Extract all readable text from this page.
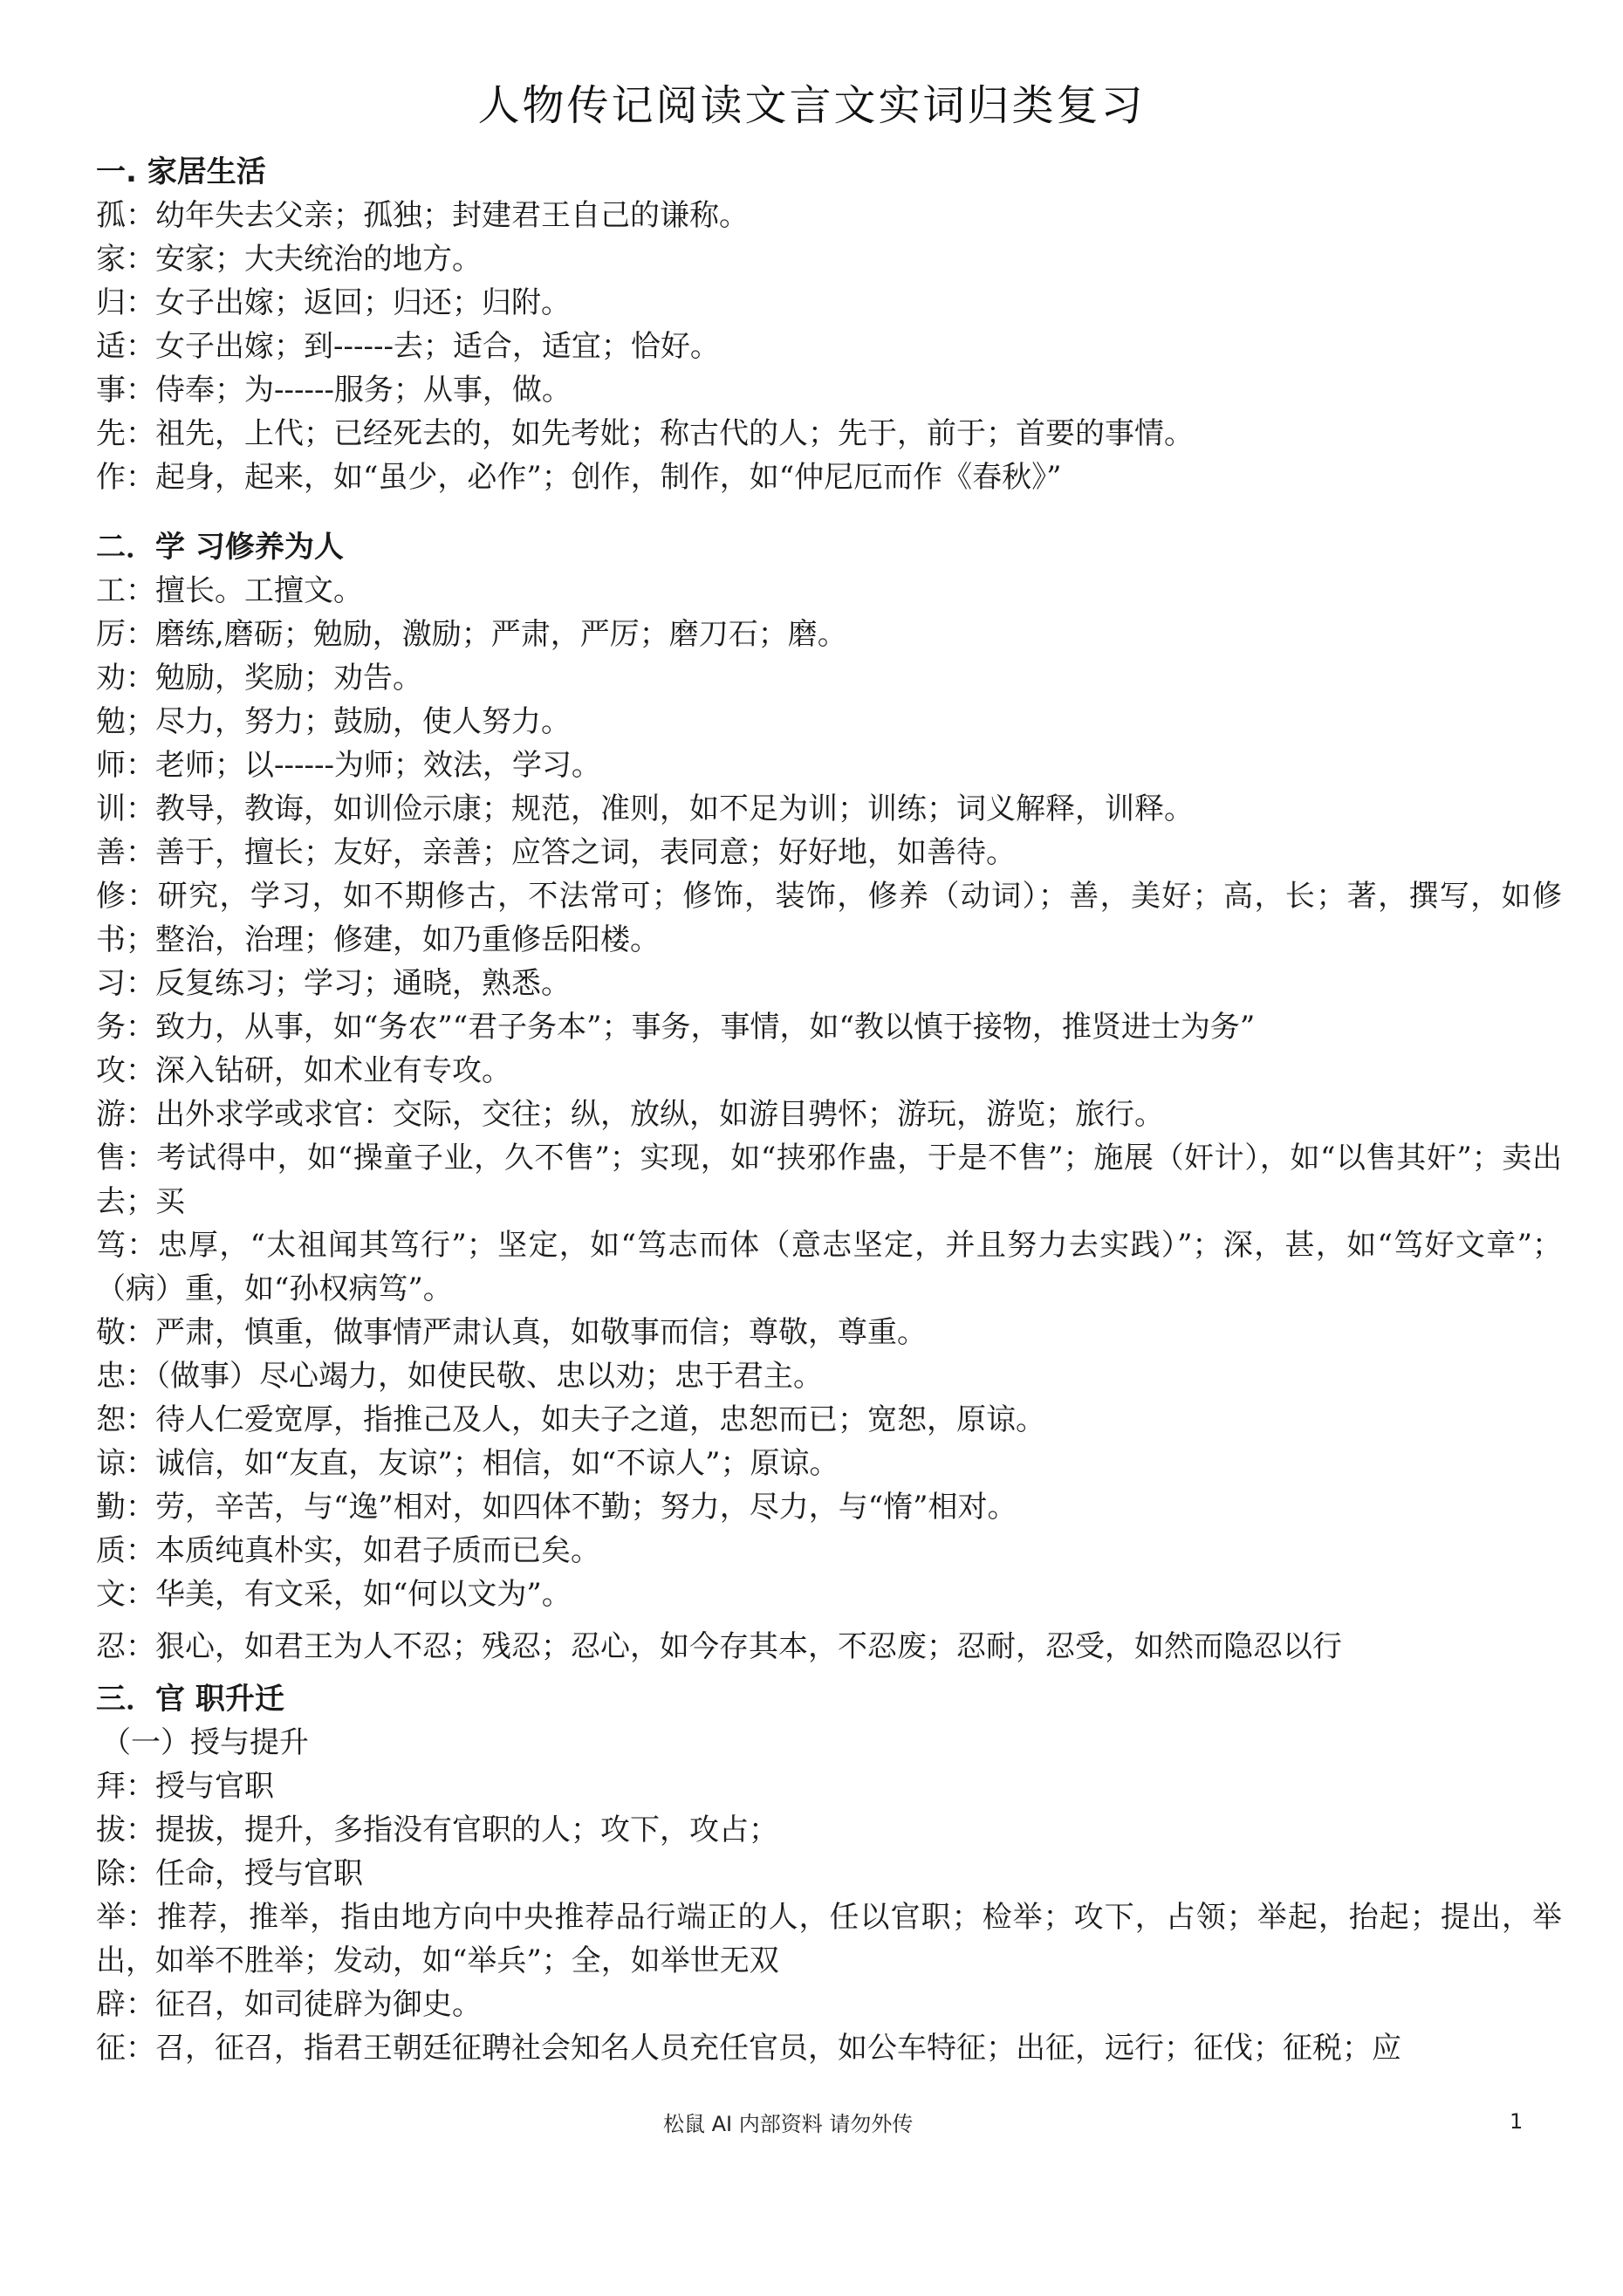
人物传记阅读文言文实词归类复习

一. 家居生活

孤：幼年失去父亲；孤独；封建君王自己的谦称。

家：安家；大夫统治的地方。

归：女子出嫁；返回；归还；归附。

适：女子出嫁；到------去；适合，适宜；恰好。

事：侍奉；为------服务；从事，做。

先：祖先，上代；已经死去的，如先考妣；称古代的人；先于，前于；首要的事情。

作：起身，起来，如“虽少，必作”；创作，制作，如“仲尼厄而作《春秋》”

二．学 习修养为人

工：擅长。工擅文。

厉：磨练,磨砺；勉励，激励；严肃，严厉；磨刀石；磨。

劝：勉励，奖励；劝告。

勉；尽力，努力；鼓励，使人努力。

师：老师；以------为师；效法，学习。

训：教导，教诲，如训俭示康；规范，准则，如不足为训；训练；词义解释，训释。

善：善于，擅长；友好，亲善；应答之词，表同意；好好地，如善待。

修：研究，学习，如不期修古，不法常可；修饰，装饰，修养（动词）；善，美好；高，长；著，撰写，如修书；整治，治理；修建，如乃重修岳阳楼。

习：反复练习；学习；通晓，熟悉。

务：致力，从事，如“务农”“君子务本”；事务，事情，如“教以慎于接物，推贤进士为务”

攻：深入钻研，如术业有专攻。

游：出外求学或求官：交际，交往；纵，放纵，如游目骋怀；游玩，游览；旅行。

售：考试得中，如“操童子业，久不售”；实现，如“挟邪作蛊，于是不售”；施展（奸计），如“以售其奸”；卖出去；买

笃：忠厚，“太祖闻其笃行”；坚定，如“笃志而体（意志坚定，并且努力去实践）”；深，甚，如“笃好文章”；（病）重，如“孙权病笃”。

敬：严肃，慎重，做事情严肃认真，如敬事而信；尊敬，尊重。

忠：（做事）尽心竭力，如使民敬、忠以劝；忠于君主。

恕：待人仁爱宽厚，指推己及人，如夫子之道，忠恕而已；宽恕，原谅。

谅：诚信，如“友直，友谅”；相信，如“不谅人”；原谅。

勤：劳，辛苦，与“逸”相对，如四体不勤；努力，尽力，与“惰”相对。

质：本质纯真朴实，如君子质而已矣。

文：华美，有文采，如“何以文为”。

忍：狠心，如君王为人不忍；残忍；忍心，如今存其本，不忍废；忍耐，忍受，如然而隐忍以行

三．官 职升迁

（一）授与提升

拜：授与官职

拔：提拔，提升，多指没有官职的人；攻下，攻占；

除：任命，授与官职

举：推荐，推举，指由地方向中央推荐品行端正的人，任以官职；检举；攻下，占领；举起，抬起；提出，举出，如举不胜举；发动，如“举兵”；全，如举世无双

辟：征召，如司徒辟为御史。

征：召，征召，指君王朝廷征聘社会知名人员充任官员，如公车特征；出征，远行；征伐；征税；应

松鼠 AI 内部资料 请勿外传	1
